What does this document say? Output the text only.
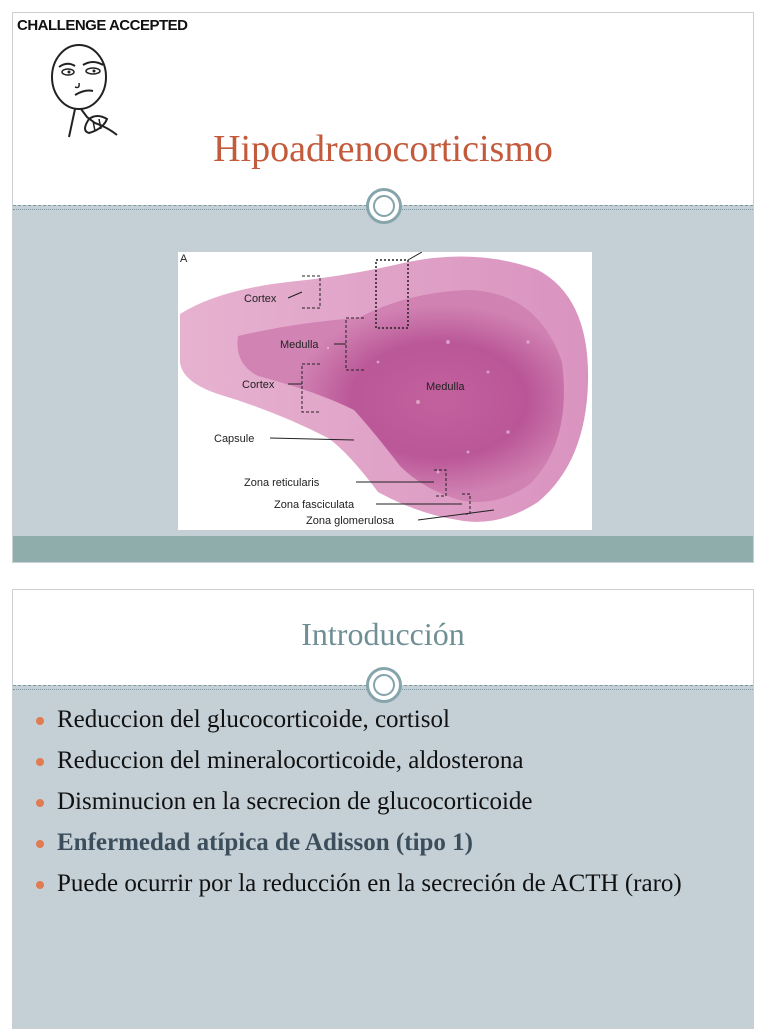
CHALLENGE ACCEPTED
Hipoadrenocorticismo
A
Cortex
Medulla
Cortex	Medulla
Capsule
Zona reticularis
Zona fasciculata
Zona glomerulosa
Introducción
Reduccion del glucocorticoide, cortisol
Reduccion del mineralocorticoide, aldosterona
Disminucion en la secrecion de glucocorticoide
Enfermedad atípica de Adisson (tipo 1)
Puede ocurrir por la reducción en la secreción de ACTH (raro)
